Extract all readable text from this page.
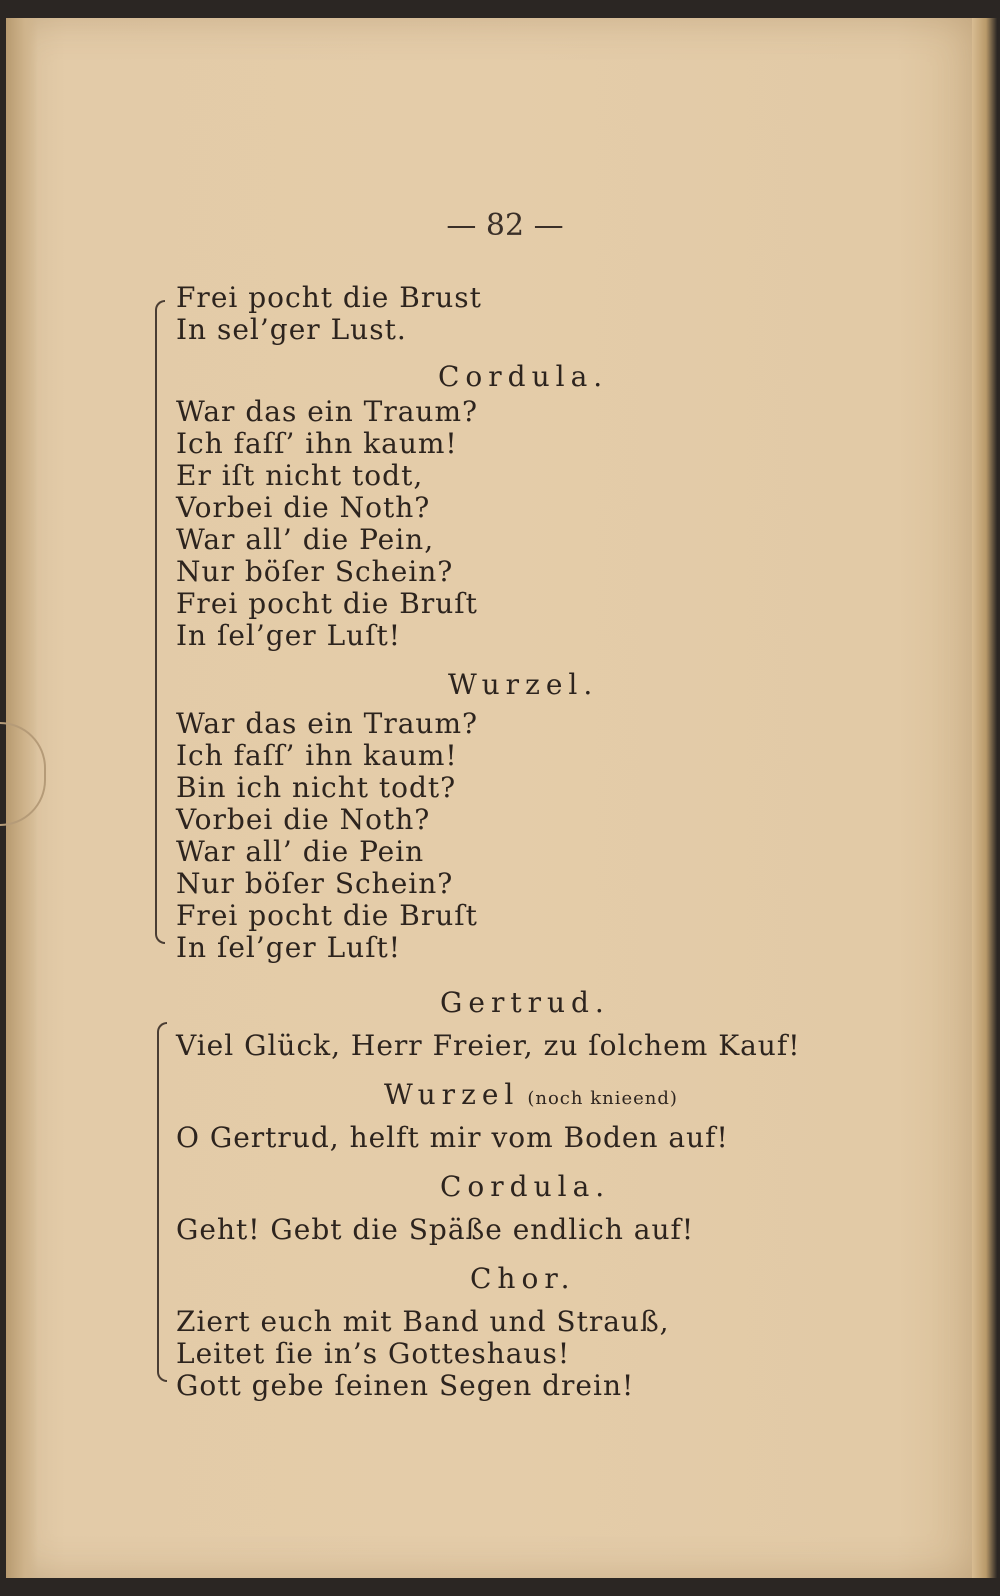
— 82 —
Frei pocht die Brust
In sel’ger Lust.
Cordula.
War das ein Traum?
Ich faſſ’ ihn kaum!
Er iſt nicht todt,
Vorbei die Noth?
War all’ die Pein,
Nur böſer Schein?
Frei pocht die Bruſt
In ſel’ger Luſt!
Wurzel.
War das ein Traum?
Ich faſſ’ ihn kaum!
Bin ich nicht todt?
Vorbei die Noth?
War all’ die Pein
Nur böſer Schein?
Frei pocht die Bruſt
In ſel’ger Luſt!
Gertrud.
Viel Glück, Herr Freier, zu ſolchem Kauf!
Wurzel (noch knieend)
O Gertrud, helft mir vom Boden auf!
Cordula.
Geht! Gebt die Späße endlich auf!
Chor.
Ziert euch mit Band und Strauß,
Leitet ſie in’s Gotteshaus!
Gott gebe ſeinen Segen drein!
